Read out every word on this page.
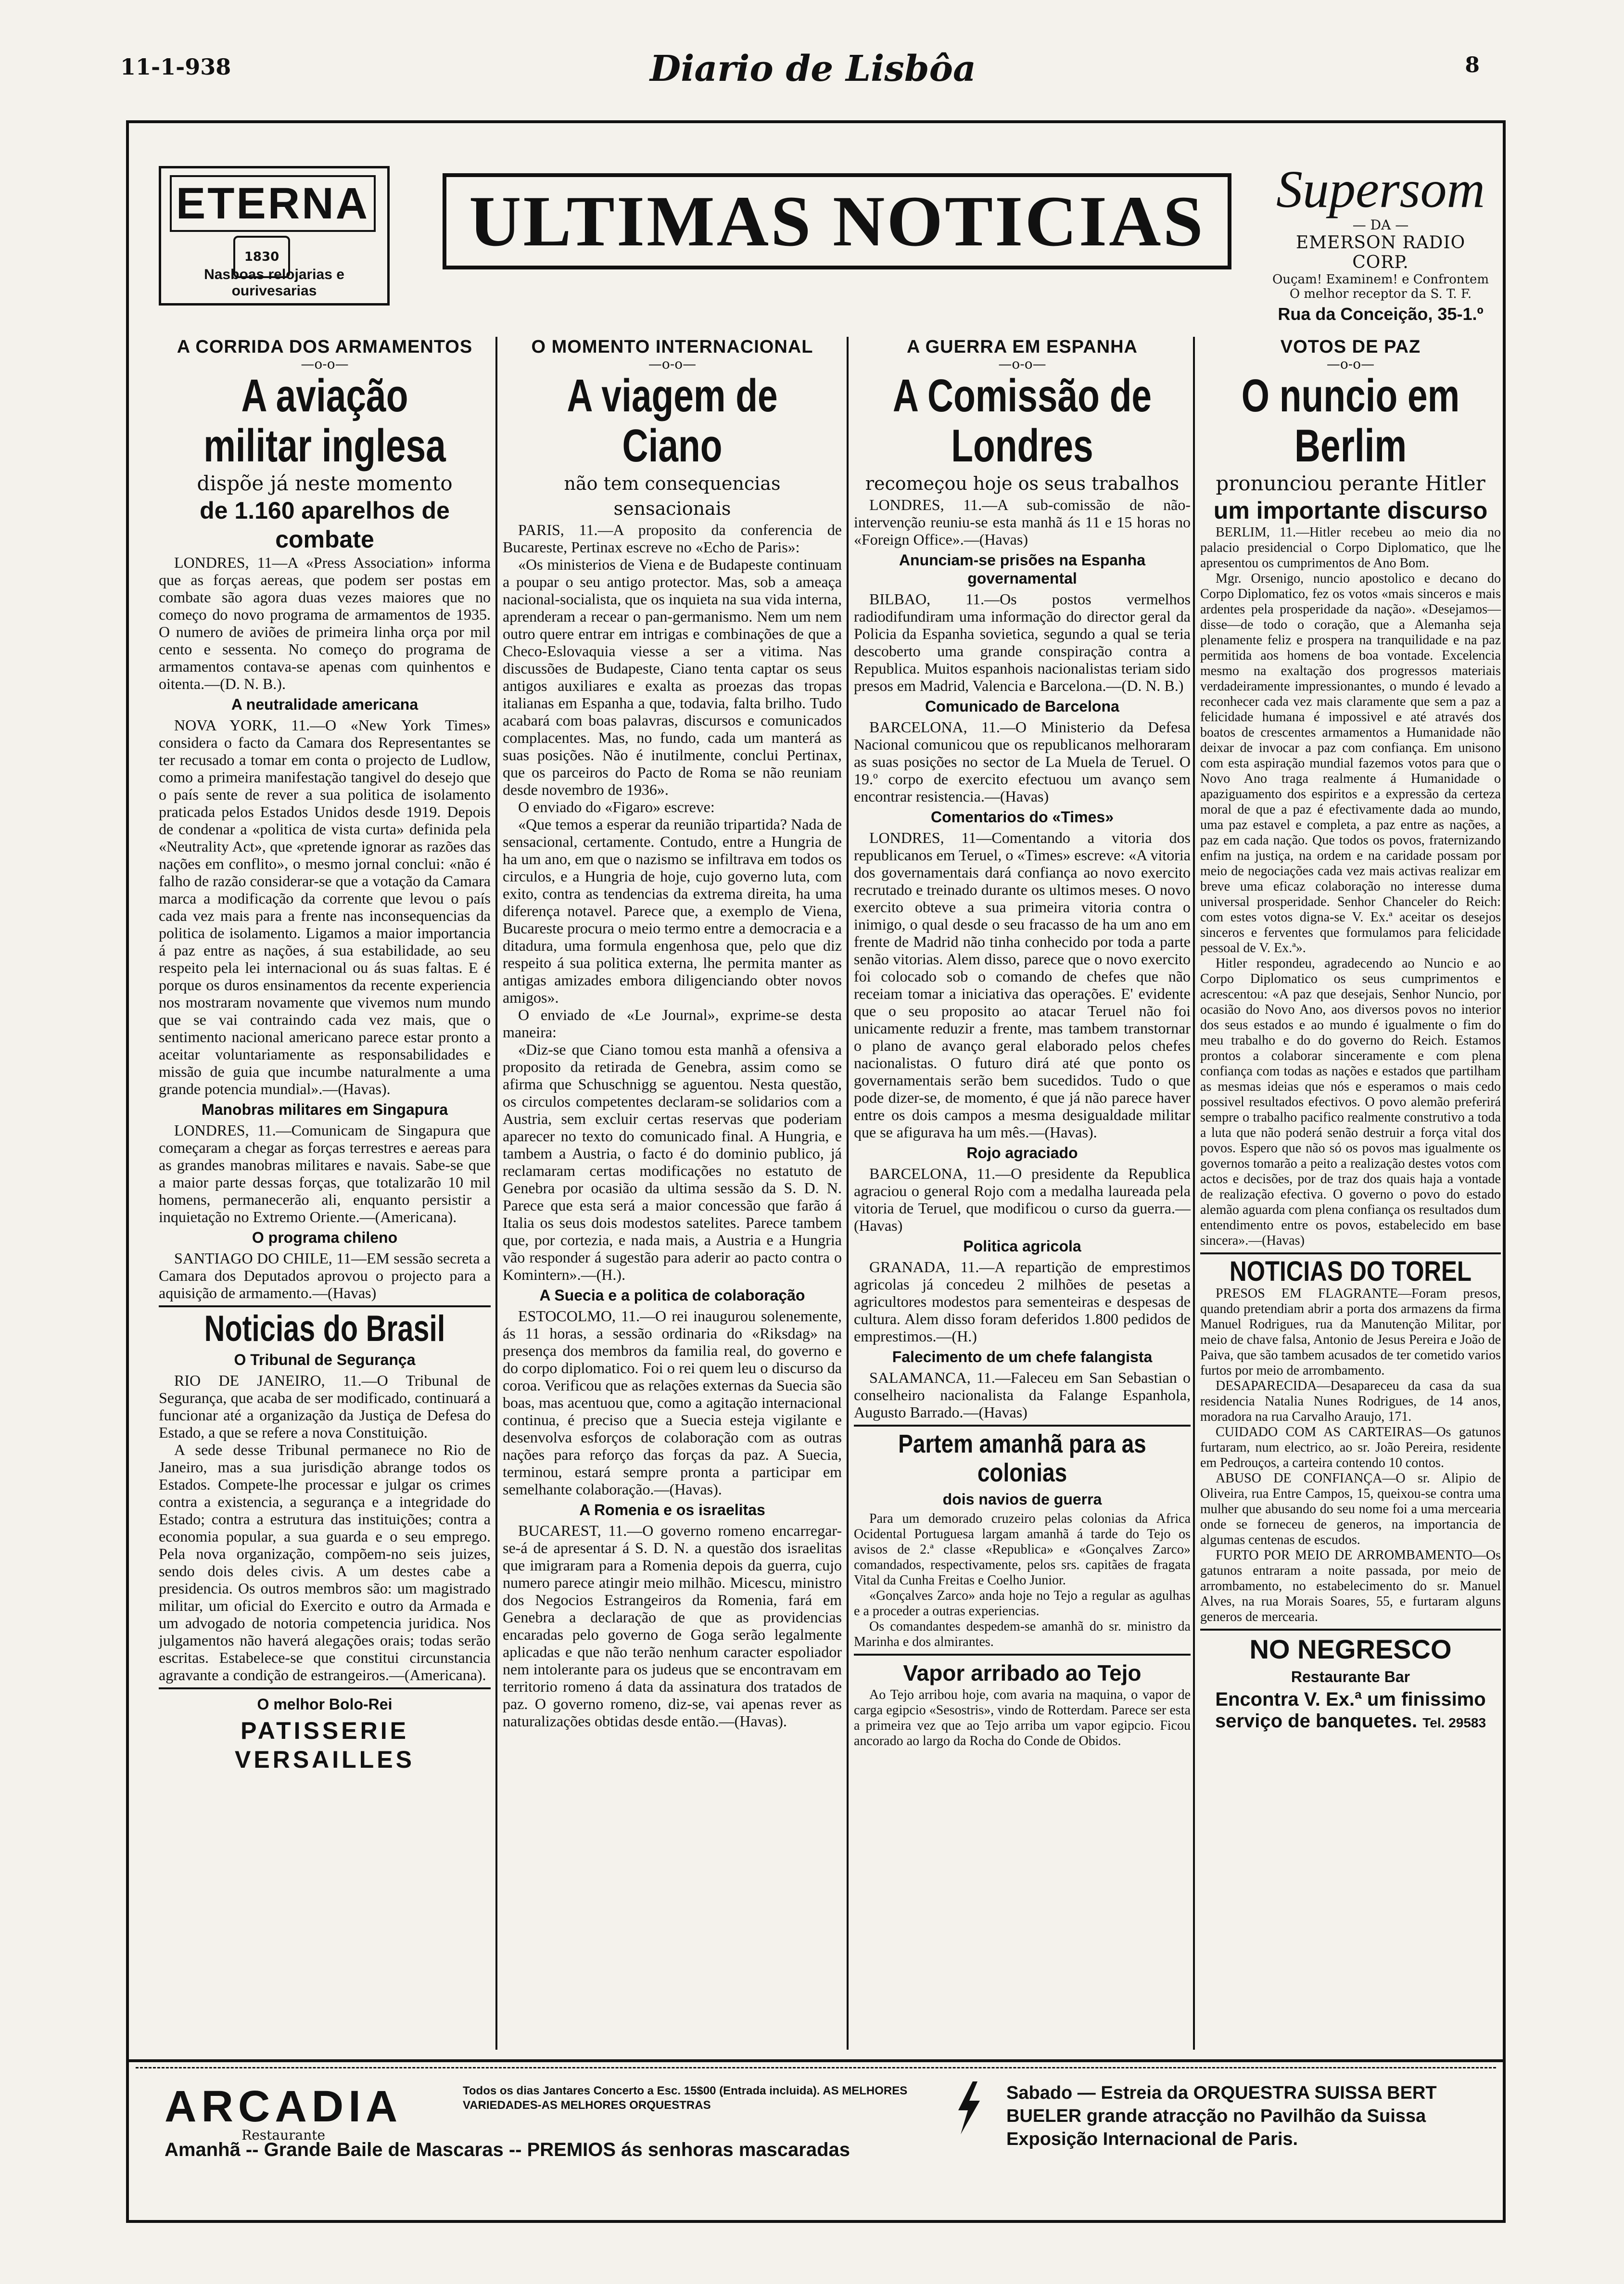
11-1-938	Diario de Lisbôa	8
ETERNA
1830
Nasboas relojarias e ourivesarias
ULTIMAS NOTICIAS	Supersom
— DA —
EMERSON RADIO CORP.
Ouçam! Examinem! e Confrontem
O melhor receptor da S. T. F.
Rua da Conceição, 35-1.º
A CORRIDA DOS ARMAMENTOS
—o-o—
A aviação militar inglesa
dispõe já neste momento
de 1.160 aparelhos de combate

LONDRES, 11—A «Press Association» informa que as forças aereas, que podem ser postas em combate são agora duas vezes maiores que no começo do novo programa de armamentos de 1935. O numero de aviões de primeira linha orça por mil cento e sessenta. No começo do programa de armamentos contava-se apenas com quinhentos e oitenta.—(D. N. B.).

A neutralidade americana

NOVA YORK, 11.—O «New York Times» considera o facto da Camara dos Representantes se ter recusado a tomar em conta o projecto de Ludlow, como a primeira manifestação tangivel do desejo que o país sente de rever a sua politica de isolamento praticada pelos Estados Unidos desde 1919. Depois de condenar a «politica de vista curta» definida pela «Neutrality Act», que «pretende ignorar as razões das nações em conflito», o mesmo jornal conclui: «não é falho de razão considerar-se que a votação da Camara marca a modificação da corrente que levou o país cada vez mais para a frente nas inconsequencias da politica de isolamento. Ligamos a maior importancia á paz entre as nações, á sua estabilidade, ao seu respeito pela lei internacional ou ás suas faltas. E é porque os duros ensinamentos da recente experiencia nos mostraram novamente que vivemos num mundo que se vai contraindo cada vez mais, que o sentimento nacional americano parece estar pronto a aceitar voluntariamente as responsabilidades e missão de guia que incumbe naturalmente a uma grande potencia mundial».—(Havas).

Manobras militares em Singapura

LONDRES, 11.—Comunicam de Singapura que começaram a chegar as forças terrestres e aereas para as grandes manobras militares e navais. Sabe-se que a maior parte dessas forças, que totalizarão 10 mil homens, permanecerão ali, enquanto persistir a inquietação no Extremo Oriente.—(Americana).

O programa chileno

SANTIAGO DO CHILE, 11—EM sessão secreta a Camara dos Deputados aprovou o projecto para a aquisição de armamento.—(Havas)

Noticias do Brasil
O Tribunal de Segurança

RIO DE JANEIRO, 11.—O Tribunal de Segurança, que acaba de ser modificado, continuará a funcionar até a organização da Justiça de Defesa do Estado, a que se refere a nova Constituição.

A sede desse Tribunal permanece no Rio de Janeiro, mas a sua jurisdição abrange todos os Estados. Compete-lhe processar e julgar os crimes contra a existencia, a segurança e a integridade do Estado; contra a estrutura das instituições; contra a economia popular, a sua guarda e o seu emprego. Pela nova organização, compõem-no seis juizes, sendo dois deles civis. A um destes cabe a presidencia. Os outros membros são: um magistrado militar, um oficial do Exercito e outro da Armada e um advogado de notoria competencia juridica. Nos julgamentos não haverá alegações orais; todas serão escritas. Estabelece-se que constitui circunstancia agravante a condição de estrangeiros.—(Americana).

O melhor Bolo-Rei
PATISSERIE VERSAILLES
O MOMENTO INTERNACIONAL
—o-o—
A viagem de Ciano
não tem consequencias sensacionais

PARIS, 11.—A proposito da conferencia de Bucareste, Pertinax escreve no «Echo de Paris»:

«Os ministerios de Viena e de Budapeste continuam a poupar o seu antigo protector. Mas, sob a ameaça nacional-socialista, que os inquieta na sua vida interna, aprenderam a recear o pan-germanismo. Nem um nem outro quere entrar em intrigas e combinações de que a Checo-Eslovaquia viesse a ser a vitima. Nas discussões de Budapeste, Ciano tenta captar os seus antigos auxiliares e exalta as proezas das tropas italianas em Espanha a que, todavia, falta brilho. Tudo acabará com boas palavras, discursos e comunicados complacentes. Mas, no fundo, cada um manterá as suas posições. Não é inutilmente, conclui Pertinax, que os parceiros do Pacto de Roma se não reuniam desde novembro de 1936».

O enviado do «Figaro» escreve:

«Que temos a esperar da reunião tripartida? Nada de sensacional, certamente. Contudo, entre a Hungria de ha um ano, em que o nazismo se infiltrava em todos os circulos, e a Hungria de hoje, cujo governo luta, com exito, contra as tendencias da extrema direita, ha uma diferença notavel. Parece que, a exemplo de Viena, Bucareste procura o meio termo entre a democracia e a ditadura, uma formula engenhosa que, pelo que diz respeito á sua politica externa, lhe permita manter as antigas amizades embora diligenciando obter novos amigos».

O enviado de «Le Journal», exprime-se desta maneira:

«Diz-se que Ciano tomou esta manhã a ofensiva a proposito da retirada de Genebra, assim como se afirma que Schuschnigg se aguentou. Nesta questão, os circulos competentes declaram-se solidarios com a Austria, sem excluir certas reservas que poderiam aparecer no texto do comunicado final. A Hungria, e tambem a Austria, o facto é do dominio publico, já reclamaram certas modificações no estatuto de Genebra por ocasião da ultima sessão da S. D. N. Parece que esta será a maior concessão que farão á Italia os seus dois modestos satelites. Parece tambem que, por cortezia, e nada mais, a Austria e a Hungria vão responder á sugestão para aderir ao pacto contra o Komintern».—(H.).

A Suecia e a politica de colaboração

ESTOCOLMO, 11.—O rei inaugurou solenemente, ás 11 horas, a sessão ordinaria do «Riksdag» na presença dos membros da familia real, do governo e do corpo diplomatico. Foi o rei quem leu o discurso da coroa. Verificou que as relações externas da Suecia são boas, mas acentuou que, como a agitação internacional continua, é preciso que a Suecia esteja vigilante e desenvolva esforços de colaboração com as outras nações para reforço das forças da paz. A Suecia, terminou, estará sempre pronta a participar em semelhante colaboração.—(Havas).

A Romenia e os israelitas

BUCAREST, 11.—O governo romeno encarregar-se-á de apresentar á S. D. N. a questão dos israelitas que imigraram para a Romenia depois da guerra, cujo numero parece atingir meio milhão. Micescu, ministro dos Negocios Estrangeiros da Romenia, fará em Genebra a declaração de que as providencias encaradas pelo governo de Goga serão legalmente aplicadas e que não terão nenhum caracter espoliador nem intolerante para os judeus que se encontravam em territorio romeno á data da assinatura dos tratados de paz. O governo romeno, diz-se, vai apenas rever as naturalizações obtidas desde então.—(Havas).

A GUERRA EM ESPANHA
—o-o—
A Comissão de Londres
recomeçou hoje os seus trabalhos

LONDRES, 11.—A sub-comissão de não-intervenção reuniu-se esta manhã ás 11 e 15 horas no «Foreign Office».—(Havas)

Anunciam-se prisões na Espanha governamental

BILBAO, 11.—Os postos vermelhos radiodifundiram uma informação do director geral da Policia da Espanha sovietica, segundo a qual se teria descoberto uma grande conspiração contra a Republica. Muitos espanhois nacionalistas teriam sido presos em Madrid, Valencia e Barcelona.—(D. N. B.)

Comunicado de Barcelona

BARCELONA, 11.—O Ministerio da Defesa Nacional comunicou que os republicanos melhoraram as suas posições no sector de La Muela de Teruel. O 19.º corpo de exercito efectuou um avanço sem encontrar resistencia.—(Havas)

Comentarios do «Times»

LONDRES, 11—Comentando a vitoria dos republicanos em Teruel, o «Times» escreve: «A vitoria dos governamentais dará confiança ao novo exercito recrutado e treinado durante os ultimos meses. O novo exercito obteve a sua primeira vitoria contra o inimigo, o qual desde o seu fracasso de ha um ano em frente de Madrid não tinha conhecido por toda a parte senão vitorias. Alem disso, parece que o novo exercito foi colocado sob o comando de chefes que não receiam tomar a iniciativa das operações. E' evidente que o seu proposito ao atacar Teruel não foi unicamente reduzir a frente, mas tambem transtornar o plano de avanço geral elaborado pelos chefes nacionalistas. O futuro dirá até que ponto os governamentais serão bem sucedidos. Tudo o que pode dizer-se, de momento, é que já não parece haver entre os dois campos a mesma desigualdade militar que se afigurava ha um mês.—(Havas).

Rojo agraciado

BARCELONA, 11.—O presidente da Republica agraciou o general Rojo com a medalha laureada pela vitoria de Teruel, que modificou o curso da guerra.—(Havas)

Politica agricola

GRANADA, 11.—A repartição de emprestimos agricolas já concedeu 2 milhões de pesetas a agricultores modestos para sementeiras e despesas de cultura. Alem disso foram deferidos 1.800 pedidos de emprestimos.—(H.)

Falecimento de um chefe falangista

SALAMANCA, 11.—Faleceu em San Sebastian o conselheiro nacionalista da Falange Espanhola, Augusto Barrado.—(Havas)

Partem amanhã para as colonias
dois navios de guerra

Para um demorado cruzeiro pelas colonias da Africa Ocidental Portuguesa largam amanhã á tarde do Tejo os avisos de 2.ª classe «Republica» e «Gonçalves Zarco» comandados, respectivamente, pelos srs. capitães de fragata Vital da Cunha Freitas e Coelho Junior.

«Gonçalves Zarco» anda hoje no Tejo a regular as agulhas e a proceder a outras experiencias.

Os comandantes despedem-se amanhã do sr. ministro da Marinha e dos almirantes.

Vapor arribado ao Tejo

Ao Tejo arribou hoje, com avaria na maquina, o vapor de carga egipcio «Sesostris», vindo de Rotterdam. Parece ser esta a primeira vez que ao Tejo arriba um vapor egipcio. Ficou ancorado ao largo da Rocha do Conde de Obidos.

VOTOS DE PAZ
—o-o—
O nuncio em Berlim
pronunciou perante Hitler
um importante discurso

BERLIM, 11.—Hitler recebeu ao meio dia no palacio presidencial o Corpo Diplomatico, que lhe apresentou os cumprimentos de Ano Bom.

Mgr. Orsenigo, nuncio apostolico e decano do Corpo Diplomatico, fez os votos «mais sinceros e mais ardentes pela prosperidade da nação». «Desejamos—disse—de todo o coração, que a Alemanha seja plenamente feliz e prospera na tranquilidade e na paz permitida aos homens de boa vontade. Excelencia mesmo na exaltação dos progressos materiais verdadeiramente impressionantes, o mundo é levado a reconhecer cada vez mais claramente que sem a paz a felicidade humana é impossivel e até através dos boatos de crescentes armamentos a Humanidade não deixar de invocar a paz com confiança. Em unisono com esta aspiração mundial fazemos votos para que o Novo Ano traga realmente á Humanidade o apaziguamento dos espiritos e a expressão da certeza moral de que a paz é efectivamente dada ao mundo, uma paz estavel e completa, a paz entre as nações, a paz em cada nação. Que todos os povos, fraternizando enfim na justiça, na ordem e na caridade possam por meio de negociações cada vez mais activas realizar em breve uma eficaz colaboração no interesse duma universal prosperidade. Senhor Chanceler do Reich: com estes votos digna-se V. Ex.ª aceitar os desejos sinceros e ferventes que formulamos para felicidade pessoal de V. Ex.ª».

Hitler respondeu, agradecendo ao Nuncio e ao Corpo Diplomatico os seus cumprimentos e acrescentou: «A paz que desejais, Senhor Nuncio, por ocasião do Novo Ano, aos diversos povos no interior dos seus estados e ao mundo é igualmente o fim do meu trabalho e do do governo do Reich. Estamos prontos a colaborar sinceramente e com plena confiança com todas as nações e estados que partilham as mesmas ideias que nós e esperamos o mais cedo possivel resultados efectivos. O povo alemão preferirá sempre o trabalho pacifico realmente construtivo a toda a luta que não poderá senão destruir a força vital dos povos. Espero que não só os povos mas igualmente os governos tomarão a peito a realização destes votos com actos e decisões, por de traz dos quais haja a vontade de realização efectiva. O governo o povo do estado alemão aguarda com plena confiança os resultados dum entendimento entre os povos, estabelecido em base sincera».—(Havas)

NOTICIAS DO TOREL

PRESOS EM FLAGRANTE—Foram presos, quando pretendiam abrir a porta dos armazens da firma Manuel Rodrigues, rua da Manutenção Militar, por meio de chave falsa, Antonio de Jesus Pereira e João de Paiva, que são tambem acusados de ter cometido varios furtos por meio de arrombamento.

DESAPARECIDA—Desapareceu da casa da sua residencia Natalia Nunes Rodrigues, de 14 anos, moradora na rua Carvalho Araujo, 171.

CUIDADO COM AS CARTEIRAS—Os gatunos furtaram, num electrico, ao sr. João Pereira, residente em Pedrouços, a carteira contendo 10 contos.

ABUSO DE CONFIANÇA—O sr. Alipio de Oliveira, rua Entre Campos, 15, queixou-se contra uma mulher que abusando do seu nome foi a uma mercearia onde se forneceu de generos, na importancia de algumas centenas de escudos.

FURTO POR MEIO DE ARROMBAMENTO—Os gatunos entraram a noite passada, por meio de arrombamento, no estabelecimento do sr. Manuel Alves, na rua Morais Soares, 55, e furtaram alguns generos de mercearia.

NO NEGRESCO
Restaurante Bar
Encontra V. Ex.ª um finissimo
serviço de banquetes. Tel. 29583
ARCADIA
Restaurante
Todos os dias Jantares Concerto a Esc. 15$00 (Entrada incluida). AS MELHORES VARIEDADES-AS MELHORES ORQUESTRAS
Amanhã -- Grande Baile de Mascaras -- PREMIOS ás senhoras mascaradas
Sabado — Estreia da ORQUESTRA SUISSA BERT BUELER grande atracção no Pavilhão da Suissa Exposição Internacional de Paris.
